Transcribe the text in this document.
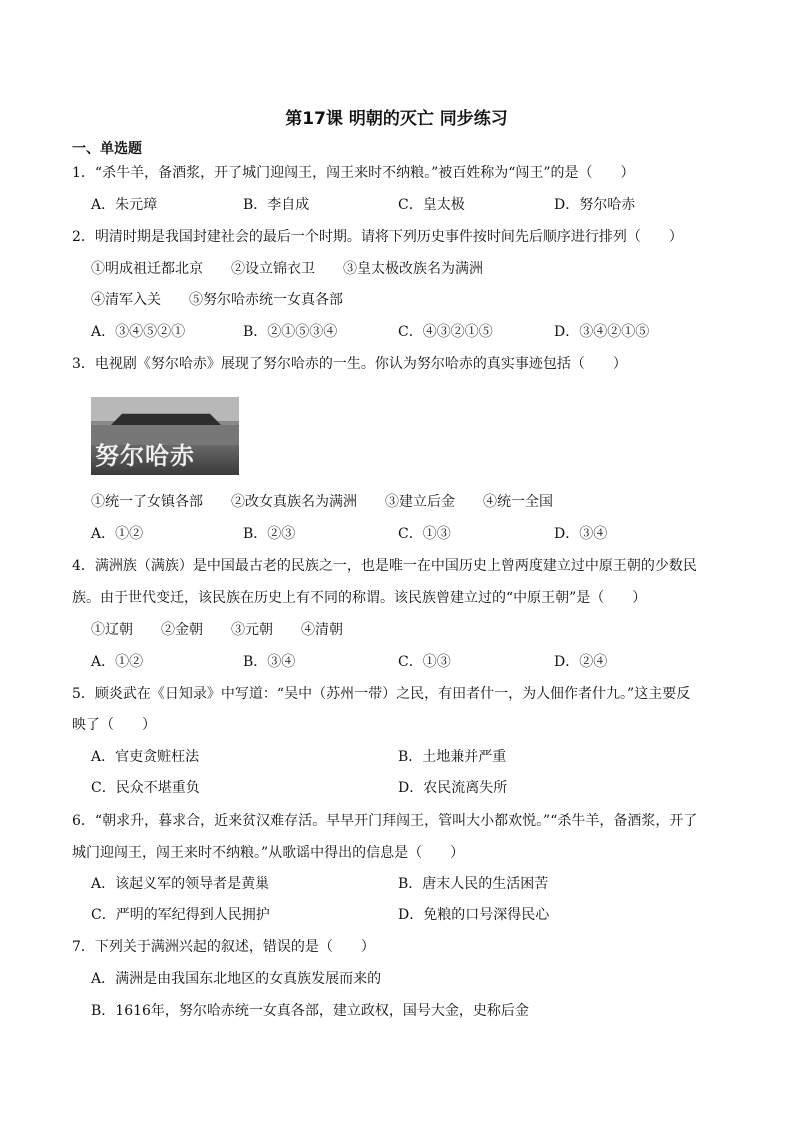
第17课 明朝的灭亡 同步练习
一、单选题
1．“杀牛羊，备酒浆，开了城门迎闯王，闯王来时不纳粮。”被百姓称为“闯王”的是（　　）
A．朱元璋	B．李自成	C．皇太极	D．努尔哈赤
2．明清时期是我国封建社会的最后一个时期。请将下列历史事件按时间先后顺序进行排列（　　）
①明成祖迁都北京　　②设立锦衣卫　　③皇太极改族名为满洲
④清军入关　　⑤努尔哈赤统一女真各部
A．③④⑤②①	B．②①⑤③④	C．④③②①⑤	D．③④②①⑤
3．电视剧《努尔哈赤》展现了努尔哈赤的一生。你认为努尔哈赤的真实事迹包括（　　）
努尔哈赤
①统一了女镇各部　　②改女真族名为满洲　　③建立后金　　④统一全国
A．①②	B．②③	C．①③	D．③④
4．满洲族（满族）是中国最古老的民族之一，也是唯一在中国历史上曾两度建立过中原王朝的少数民
族。由于世代变迁，该民族在历史上有不同的称谓。该民族曾建立过的“中原王朝”是（　　）
①辽朝　　②金朝　　③元朝　　④清朝
A．①②	B．③④	C．①③	D．②④
5．顾炎武在《日知录》中写道：“吴中（苏州一带）之民，有田者什一，为人佃作者什九。”这主要反
映了（　　）
A．官吏贪赃枉法	B．土地兼并严重
C．民众不堪重负	D．农民流离失所
6．“朝求升，暮求合，近来贫汉难存活。早早开门拜闯王，管叫大小都欢悦。”“杀牛羊，备酒浆，开了
城门迎闯王，闯王来时不纳粮。”从歌谣中得出的信息是（　　）
A．该起义军的领导者是黄巢	B．唐末人民的生活困苦
C．严明的军纪得到人民拥护	D．免粮的口号深得民心
7．下列关于满洲兴起的叙述，错误的是（　　）
A．满洲是由我国东北地区的女真族发展而来的
B．1616年，努尔哈赤统一女真各部，建立政权，国号大金，史称后金
